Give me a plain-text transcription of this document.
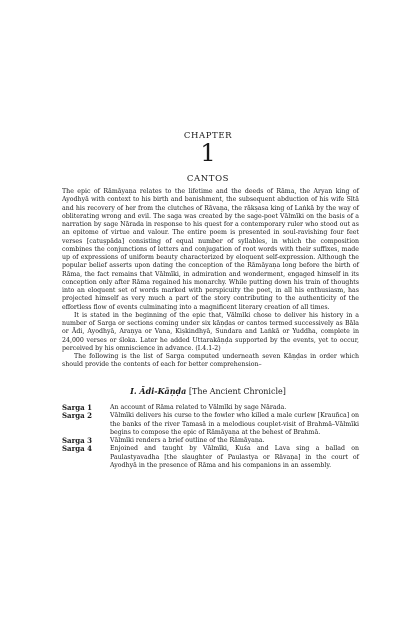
CHAPTER
1
CANTOS

The epic of Rāmāyaṇa relates to the lifetime and the deeds of Rāma, the Aryan king of Ayodhyā with context to his birth and banishment, the subsequent abduction of his wife Sītā and his recovery of her from the clutches of Rāvaṇa, the rākṣasa king of Laṅkā by the way of obliterating wrong and evil. The saga was created by the sage-poet Vālmīki on the basis of a narration by sage Nārada in response to his quest for a contemporary ruler who stood out as an epitome of virtue and valour. The entire poem is presented in soul-ravishing four feet verses [catuṣpāda] consisting of equal number of syllables, in which the composition combines the conjunctions of letters and conjugation of root words with their suffixes, made up of expressions of uniform beauty characterized by eloquent self-expression. Although the popular belief asserts upon dating the conception of the Rāmāyaṇa long before the birth of Rāma, the fact remains that Vālmīki, in admiration and wonderment, engaged himself in its conception only after Rāma regained his monarchy. While putting down his train of thoughts into an eloquent set of words marked with perspicuity the poet, in all his enthusiasm, has projected himself as very much a part of the story contributing to the authenticity of the effortless flow of events culminating into a magnificent literary creation of all times.

It is stated in the beginning of the epic that, Vālmīki chose to deliver his history in a number of Sarga or sections coming under six kāṇḍas or cantos termed successively as Bāla or Ādi, Ayodhyā, Araṇya or Vana, Kiṣkindhyā, Sundara and Laṅkā or Yuddha, complete in 24,000 verses or śloka. Later he added Uttarakāṇḍa supported by the events, yet to occur, perceived by his omniscience in advance. (I.4.1-2)

The following is the list of Sarga computed underneath seven Kāṇḍas in order which should provide the contents of each for better comprehension–

I. Ādi-Kāṇḍa [The Ancient Chronicle]
Sarga 1	An account of Rāma related to Vālmīki by sage Nārada.
Sarga 2	Vālmīki delivers his curse to the fowler who killed a male curlew [Krauñca] on the banks of the river Tamasā in a melodious couplet-visit of Brahmā–Vālmīki begins to compose the epic of Rāmāyaṇa at the behest of Brahmā.
Sarga 3	Vālmīki renders a brief outline of the Rāmāyaṇa.
Sarga 4	Enjoined and taught by Vālmīki, Kuśa and Lava sing a ballad on Paulastyavadha [the slaughter of Paulastya or Rāvaṇa] in the court of Ayodhyā in the presence of Rāma and his companions in an assembly.
